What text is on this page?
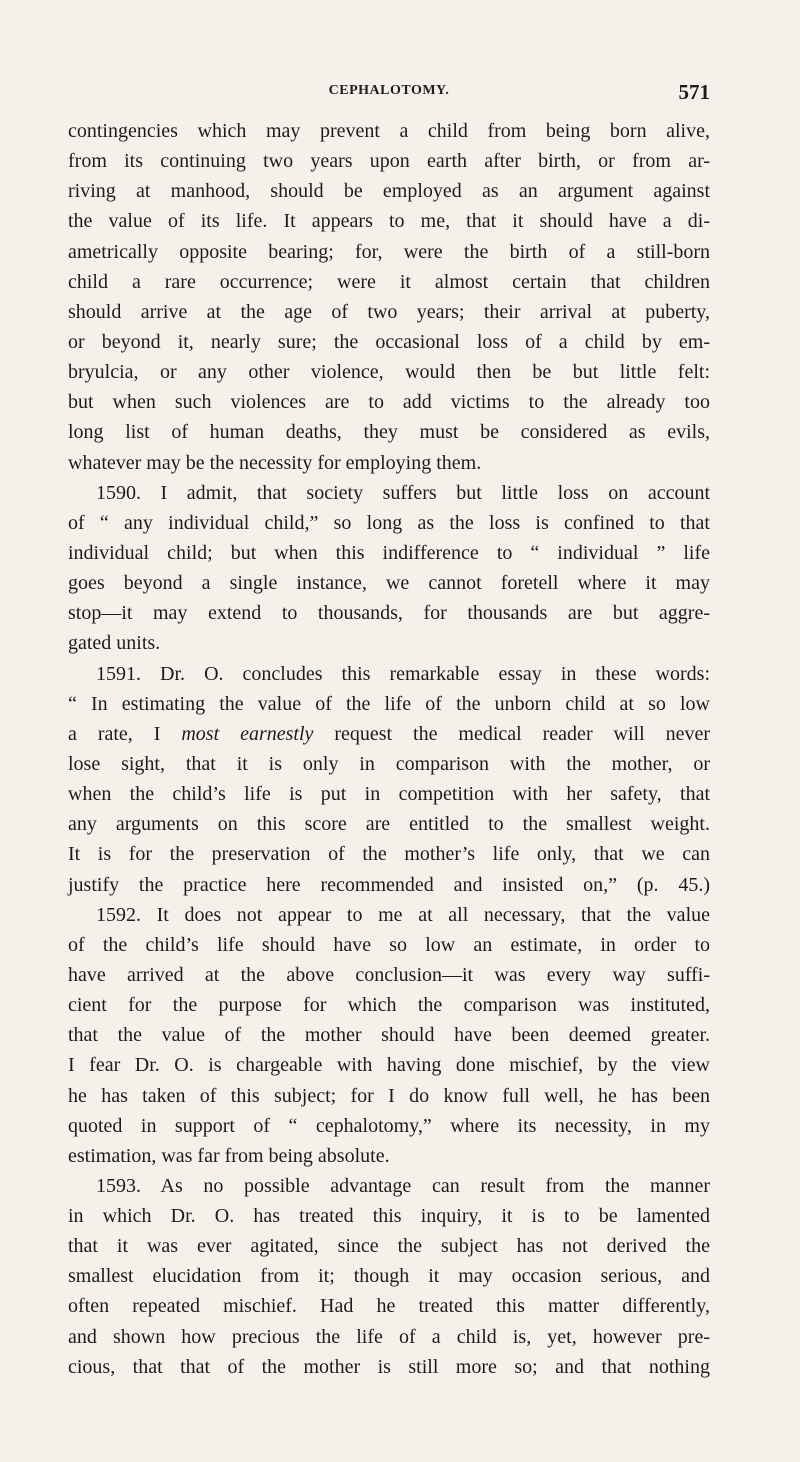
CEPHALOTOMY.	571
contingencies which may prevent a child from being born alive,
from its continuing two years upon earth after birth, or from ar-
riving at manhood, should be employed as an argument against
the value of its life. It appears to me, that it should have a di-
ametrically opposite bearing; for, were the birth of a still-born
child a rare occurrence; were it almost certain that children
should arrive at the age of two years; their arrival at puberty,
or beyond it, nearly sure; the occasional loss of a child by em-
bryulcia, or any other violence, would then be but little felt:
but when such violences are to add victims to the already too
long list of human deaths, they must be considered as evils,
whatever may be the necessity for employing them.
1590. I admit, that society suffers but little loss on account
of “ any individual child,” so long as the loss is confined to that
individual child; but when this indifference to “ individual ” life
goes beyond a single instance, we cannot foretell where it may
stop—it may extend to thousands, for thousands are but aggre-
gated units.
1591. Dr. O. concludes this remarkable essay in these words:
“ In estimating the value of the life of the unborn child at so low
a rate, I most earnestly request the medical reader will never
lose sight, that it is only in comparison with the mother, or
when the child’s life is put in competition with her safety, that
any arguments on this score are entitled to the smallest weight.
It is for the preservation of the mother’s life only, that we can
justify the practice here recommended and insisted on,” (p. 45.)
1592. It does not appear to me at all necessary, that the value
of the child’s life should have so low an estimate, in order to
have arrived at the above conclusion—it was every way suffi-
cient for the purpose for which the comparison was instituted,
that the value of the mother should have been deemed greater.
I fear Dr. O. is chargeable with having done mischief, by the view
he has taken of this subject; for I do know full well, he has been
quoted in support of “ cephalotomy,” where its necessity, in my
estimation, was far from being absolute.
1593. As no possible advantage can result from the manner
in which Dr. O. has treated this inquiry, it is to be lamented
that it was ever agitated, since the subject has not derived the
smallest elucidation from it; though it may occasion serious, and
often repeated mischief. Had he treated this matter differently,
and shown how precious the life of a child is, yet, however pre-
cious, that that of the mother is still more so; and that nothing
